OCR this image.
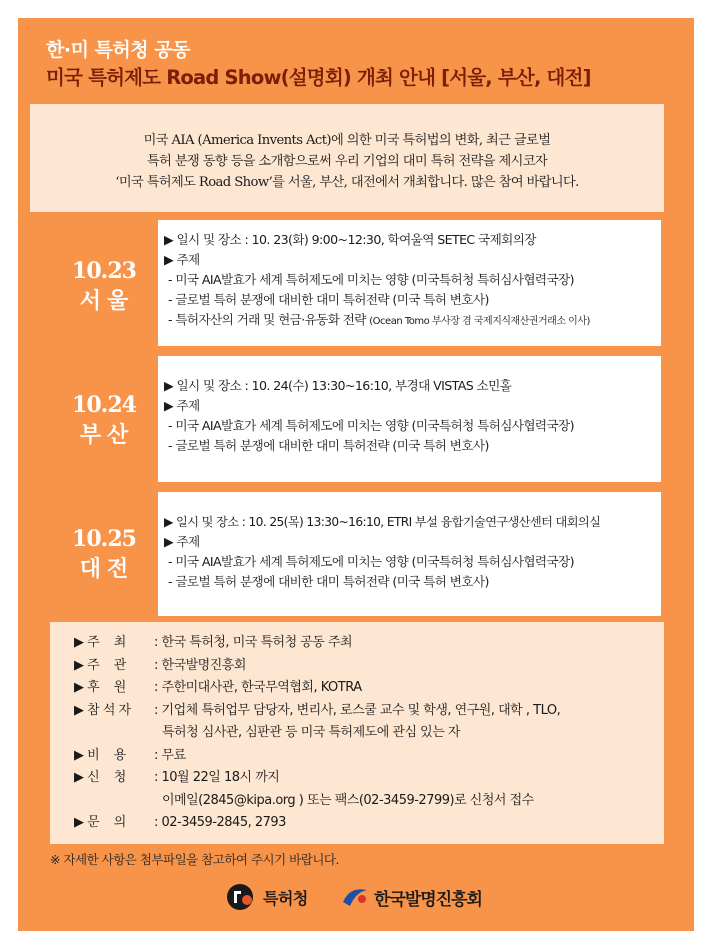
한·미 특허청 공동
미국 특허제도 Road Show(설명회) 개최 안내 [서울, 부산, 대전]
미국 AIA (America Invents Act)에 의한 미국 특허법의 변화, 최근 글로벌
특허 분쟁 동향 등을 소개함으로써 우리 기업의 대미 특허 전략을 제시코자
‘미국 특허제도 Road Show’를 서울, 부산, 대전에서 개최합니다. 많은 참여 바랍니다.
10.23
서울
▶ 일시 및 장소 : 10. 23(화) 9:00~12:30, 학여울역 SETEC 국제회의장
▶ 주제
- 미국 AIA발효가 세계 특허제도에 미치는 영향 (미국특허청 특허심사협력국장)
- 글로벌 특허 분쟁에 대비한 대미 특허전략 (미국 특허 변호사)
- 특허자산의 거래 및 현금·유동화 전략 (Ocean Tomo 부사장 겸 국제지식재산권거래소 이사)
10.24
부산
▶ 일시 및 장소 : 10. 24(수) 13:30~16:10, 부경대 VISTAS 소민홀
▶ 주제
- 미국 AIA발효가 세계 특허제도에 미치는 영향 (미국특허청 특허심사협력국장)
- 글로벌 특허 분쟁에 대비한 대미 특허전략 (미국 특허 변호사)
10.25
대전
▶ 일시 및 장소 : 10. 25(목) 13:30~16:10, ETRI 부설 융합기술연구생산센터 대회의실
▶ 주제
- 미국 AIA발효가 세계 특허제도에 미치는 영향 (미국특허청 특허심사협력국장)
- 글로벌 특허 분쟁에 대비한 대미 특허전략 (미국 특허 변호사)
▶ 주    최	: 한국 특허청, 미국 특허청 공동 주최
▶ 주    관	: 한국발명진흥회
▶ 후    원	: 주한미대사관, 한국무역협회, KOTRA
▶ 참 석 자	: 기업체 특허업무 담당자, 변리사, 로스쿨 교수 및 학생, 연구원, 대학 , TLO,
특허청 심사관, 심판관 등 미국 특허제도에 관심 있는 자
▶ 비    용	: 무료
▶ 신    청	: 10월 22일 18시 까지
이메일(2845@kipa.org ) 또는 팩스(02-3459-2799)로 신청서 접수
▶ 문    의	: 02-3459-2845, 2793
※ 자세한 사항은 첨부파일을 참고하여 주시기 바랍니다.
특허청	한국발명진흥회
